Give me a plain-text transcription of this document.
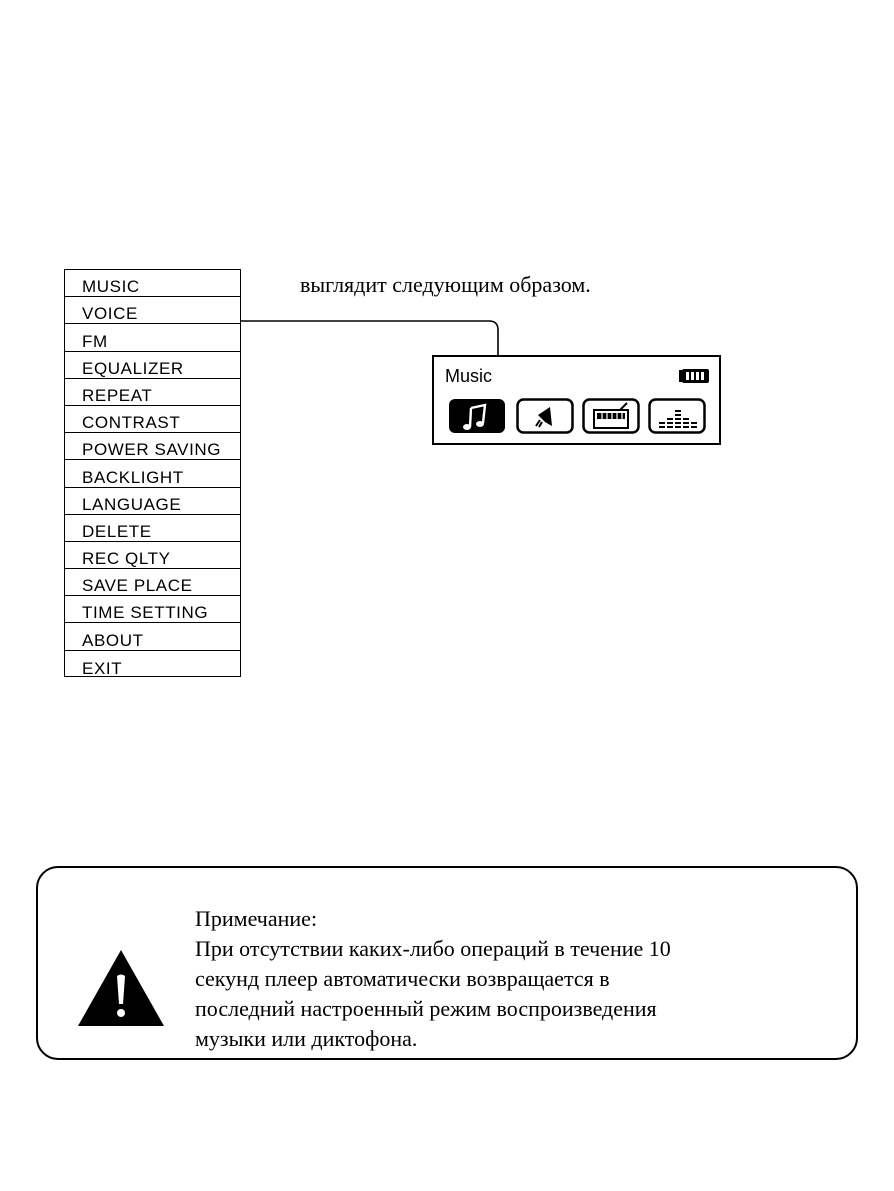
MUSIC
VOICE
FM
EQUALIZER
REPEAT
CONTRAST
POWER SAVING
BACKLIGHT
LANGUAGE
DELETE
REC QLTY
SAVE PLACE
TIME SETTING
ABOUT
EXIT
выглядит следующим образом.
Music
Примечание:
При отсутствии каких-либо операций в течение 10
секунд плеер автоматически возвращается в
последний настроенный режим воспроизведения
музыки или диктофона.
